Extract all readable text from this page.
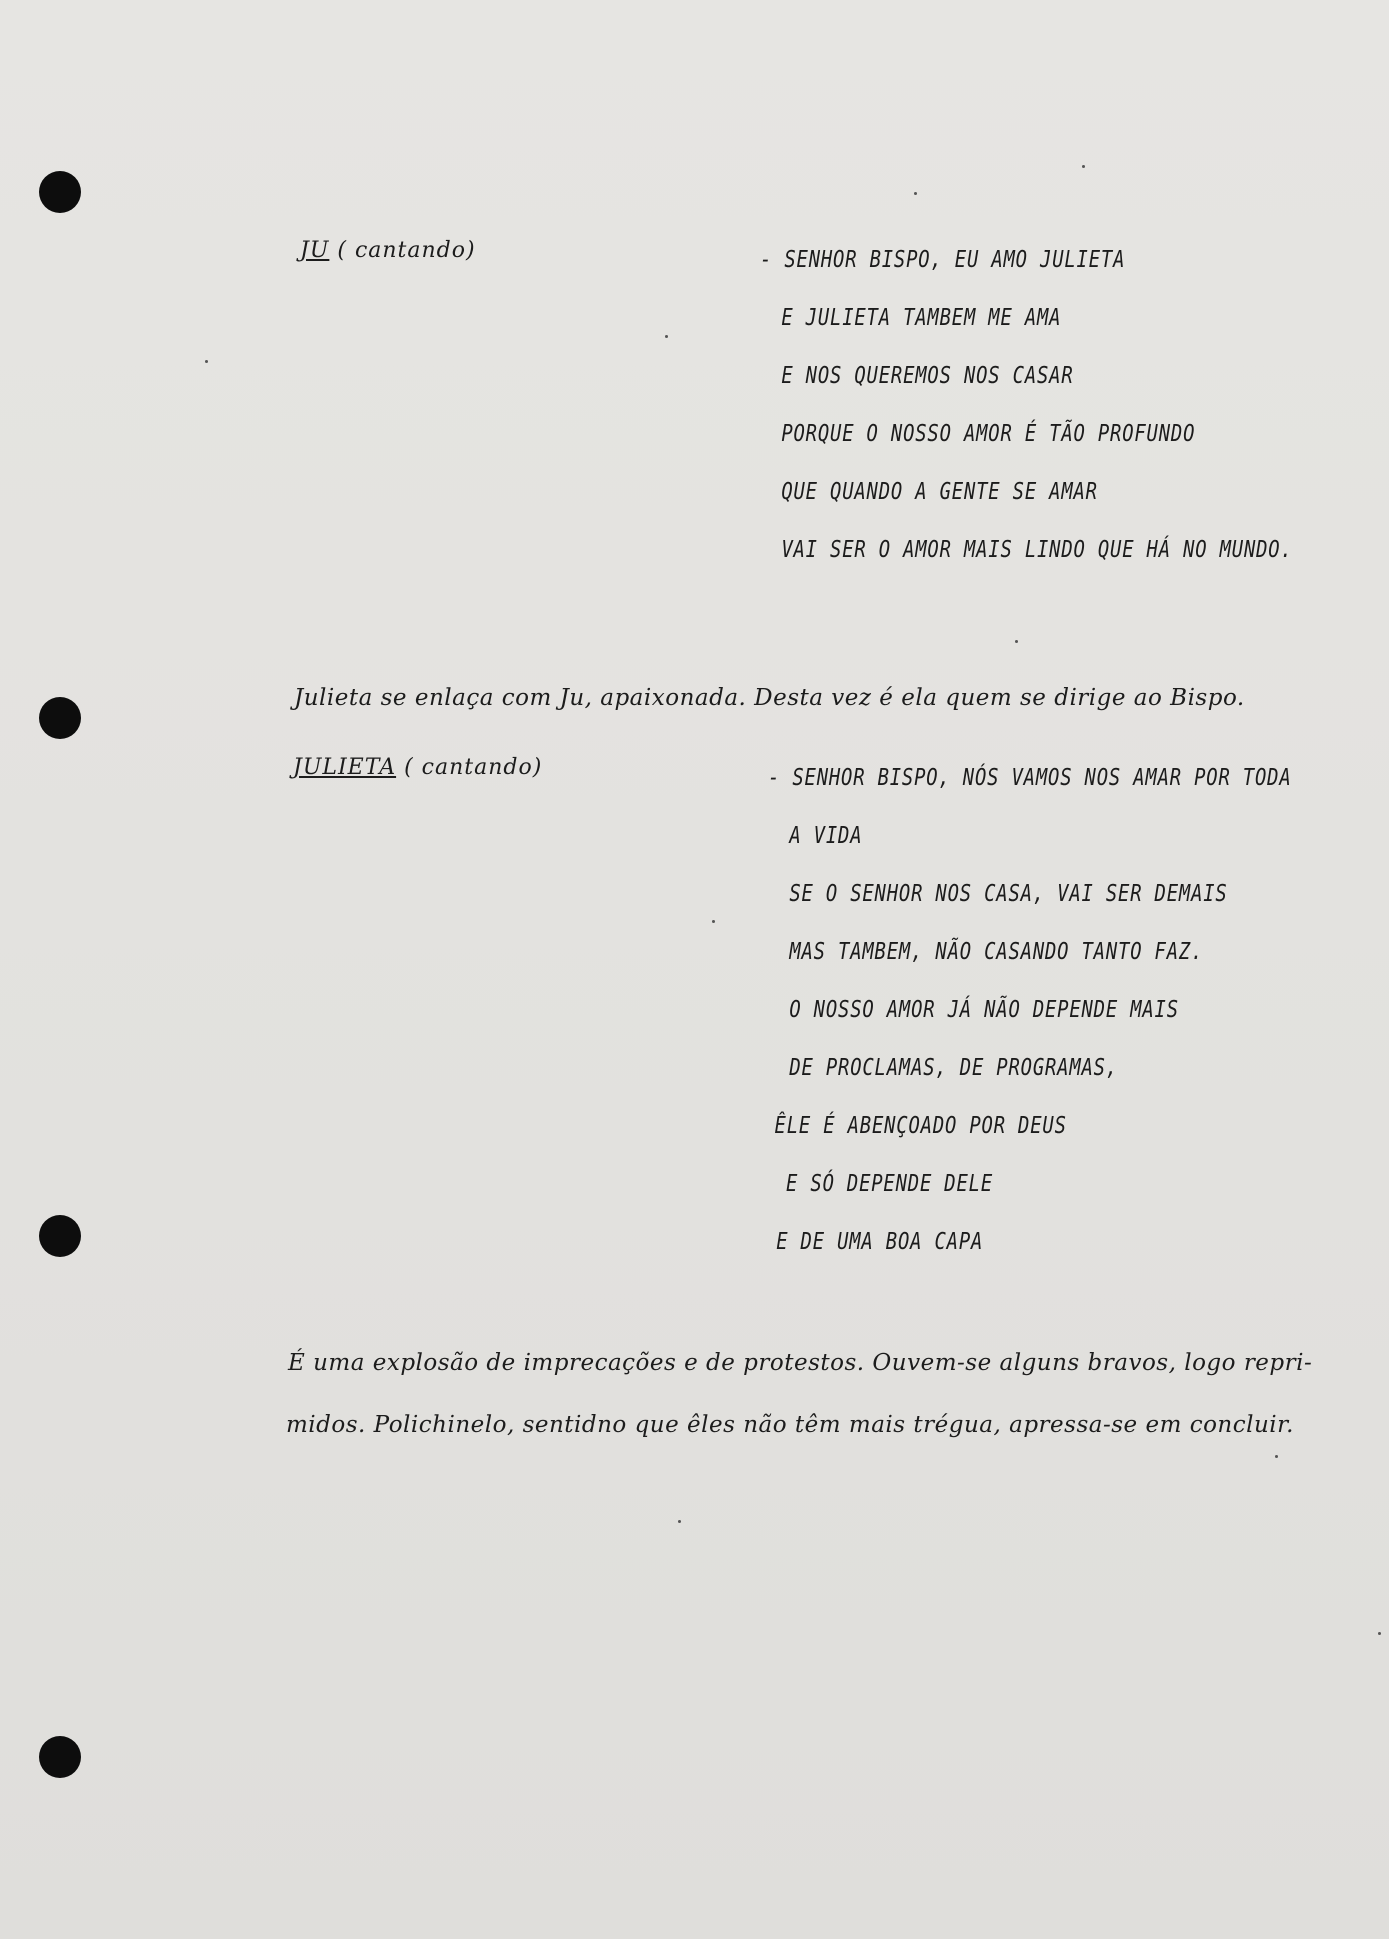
JU ( cantando)	- SENHOR BISPO, EU AMO JULIETA
E JULIETA TAMBEM ME AMA
E NOS QUEREMOS NOS CASAR
PORQUE O NOSSO AMOR É TÃO PROFUNDO
QUE QUANDO A GENTE SE AMAR
VAI SER O AMOR MAIS LINDO QUE HÁ NO MUNDO.
Julieta se enlaça com Ju, apaixonada. Desta vez é ela quem se dirige ao Bispo.
JULIETA ( cantando)	- SENHOR BISPO, NÓS VAMOS NOS AMAR POR TODA
A VIDA
SE O SENHOR NOS CASA, VAI SER DEMAIS
MAS TAMBEM, NÃO CASANDO TANTO FAZ.
O NOSSO AMOR JÁ NÃO DEPENDE MAIS
DE PROCLAMAS, DE PROGRAMAS,
ÊLE É ABENÇOADO POR DEUS
E SÓ DEPENDE DELE
E DE UMA BOA CAPA
É uma explosão de imprecações e de protestos. Ouvem-se alguns bravos, logo repri-
midos. Polichinelo, sentidno que êles não têm mais trégua, apressa-se em concluir.
